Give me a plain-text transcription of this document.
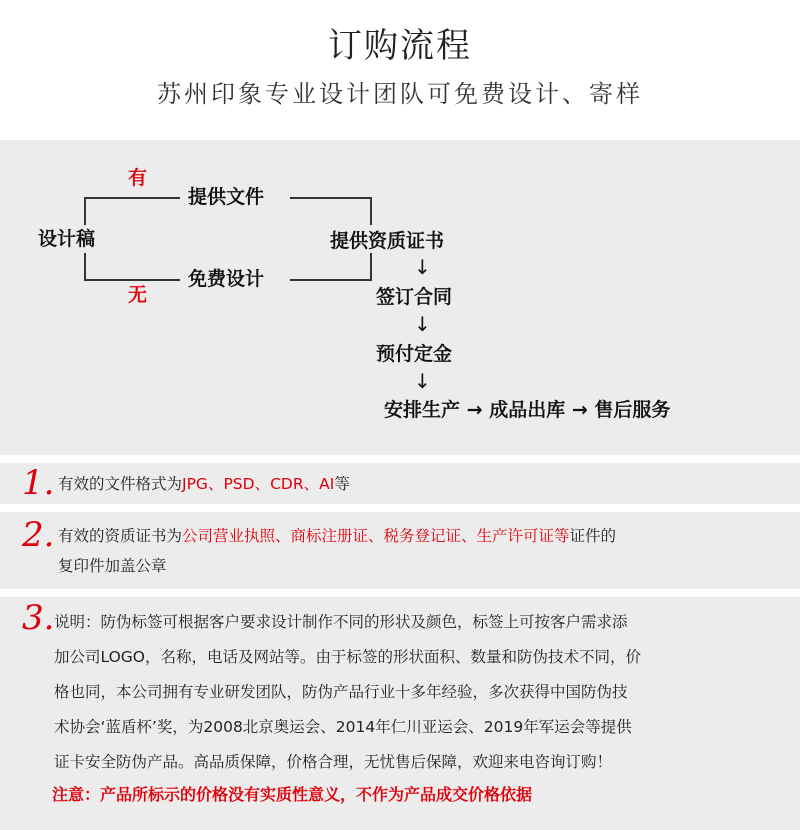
订购流程
苏州印象专业设计团队可免费设计、寄样
设计稿
有
无
提供文件
免费设计
提供资质证书
↓
签订合同
↓
预付定金
↓
安排生产 → 成品出库 → 售后服务
1. 有效的文件格式为JPG、PSD、CDR、AI等
2. 有效的资质证书为公司营业执照、商标注册证、税务登记证、生产许可证等证件的
复印件加盖公章
3. 说明：防伪标签可根据客户要求设计制作不同的形状及颜色，标签上可按客户需求添
加公司LOGO，名称，电话及网站等。由于标签的形状面积、数量和防伪技术不同，价
格也同，本公司拥有专业研发团队，防伪产品行业十多年经验，多次获得中国防伪技
术协会‘蓝盾杯’奖，为2008北京奥运会、2014年仁川亚运会、2019年军运会等提供
证卡安全防伪产品。高品质保障，价格合理，无忧售后保障，欢迎来电咨询订购！
注意：产品所标示的价格没有实质性意义，不作为产品成交价格依据
